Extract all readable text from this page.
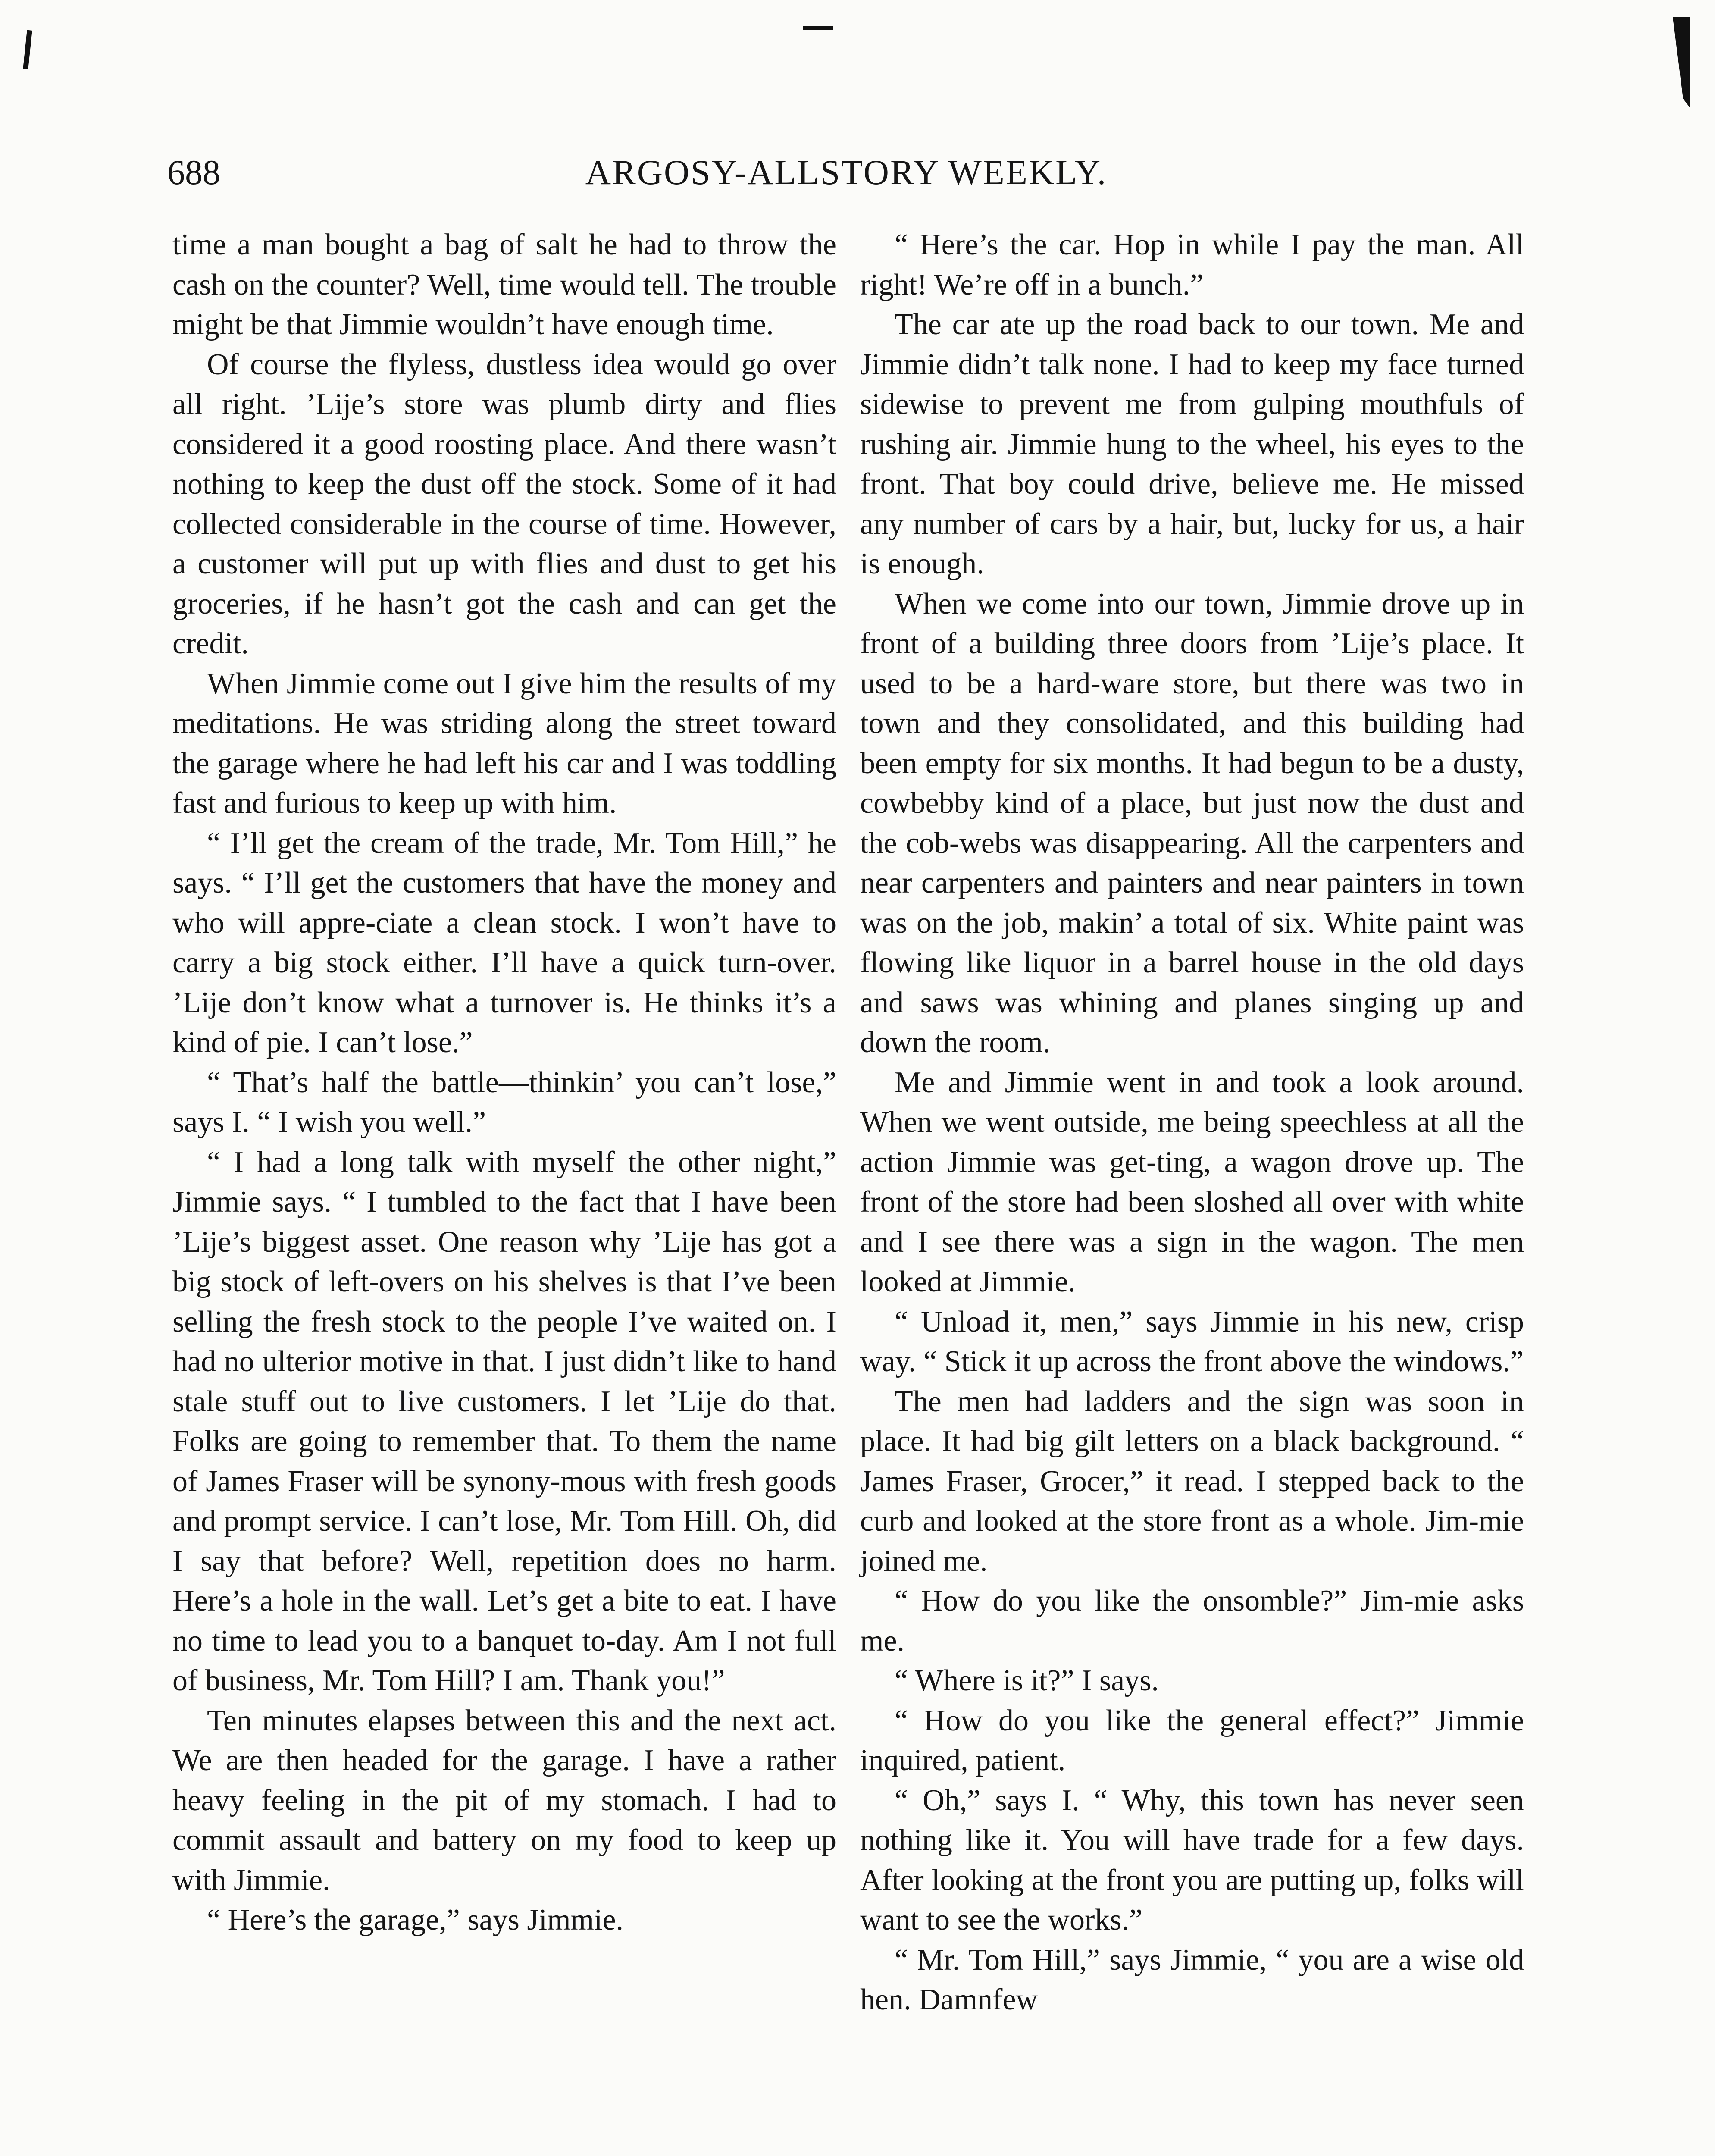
688	ARGOSY-ALLSTORY WEEKLY.

time a man bought a bag of salt he had to throw the cash on the counter? Well, time would tell. The trouble might be that Jimmie wouldn’t have enough time.

Of course the flyless, dustless idea would go over all right. ’Lije’s store was plumb dirty and flies considered it a good roosting place. And there wasn’t nothing to keep the dust off the stock. Some of it had collected considerable in the course of time. However, a customer will put up with flies and dust to get his groceries, if he hasn’t got the cash and can get the credit.

When Jimmie come out I give him the results of my meditations. He was striding along the street toward the garage where he had left his car and I was toddling fast and furious to keep up with him.

“ I’ll get the cream of the trade, Mr. Tom Hill,” he says. “ I’ll get the customers that have the money and who will appre-ciate a clean stock. I won’t have to carry a big stock either. I’ll have a quick turn-over. ’Lije don’t know what a turnover is. He thinks it’s a kind of pie. I can’t lose.”

“ That’s half the battle—thinkin’ you can’t lose,” says I. “ I wish you well.”

“ I had a long talk with myself the other night,” Jimmie says. “ I tumbled to the fact that I have been ’Lije’s biggest asset. One reason why ’Lije has got a big stock of left-overs on his shelves is that I’ve been selling the fresh stock to the people I’ve waited on. I had no ulterior motive in that. I just didn’t like to hand stale stuff out to live customers. I let ’Lije do that. Folks are going to remember that. To them the name of James Fraser will be synony-mous with fresh goods and prompt service. I can’t lose, Mr. Tom Hill. Oh, did I say that before? Well, repetition does no harm. Here’s a hole in the wall. Let’s get a bite to eat. I have no time to lead you to a banquet to-day. Am I not full of business, Mr. Tom Hill? I am. Thank you!”

Ten minutes elapses between this and the next act. We are then headed for the garage. I have a rather heavy feeling in the pit of my stomach. I had to commit assault and battery on my food to keep up with Jimmie.

“ Here’s the garage,” says Jimmie.

“ Here’s the car. Hop in while I pay the man. All right! We’re off in a bunch.”

The car ate up the road back to our town. Me and Jimmie didn’t talk none. I had to keep my face turned sidewise to prevent me from gulping mouthfuls of rushing air. Jimmie hung to the wheel, his eyes to the front. That boy could drive, believe me. He missed any number of cars by a hair, but, lucky for us, a hair is enough.

When we come into our town, Jimmie drove up in front of a building three doors from ’Lije’s place. It used to be a hard-ware store, but there was two in town and they consolidated, and this building had been empty for six months. It had begun to be a dusty, cowbebby kind of a place, but just now the dust and the cob-webs was disappearing. All the carpenters and near carpenters and painters and near painters in town was on the job, makin’ a total of six. White paint was flowing like liquor in a barrel house in the old days and saws was whining and planes singing up and down the room.

Me and Jimmie went in and took a look around. When we went outside, me being speechless at all the action Jimmie was get-ting, a wagon drove up. The front of the store had been sloshed all over with white and I see there was a sign in the wagon. The men looked at Jimmie.

“ Unload it, men,” says Jimmie in his new, crisp way. “ Stick it up across the front above the windows.”

The men had ladders and the sign was soon in place. It had big gilt letters on a black background. “ James Fraser, Grocer,” it read. I stepped back to the curb and looked at the store front as a whole. Jim-mie joined me.

“ How do you like the onsomble?” Jim-mie asks me.

“ Where is it?” I says.

“ How do you like the general effect?” Jimmie inquired, patient.

“ Oh,” says I. “ Why, this town has never seen nothing like it. You will have trade for a few days. After looking at the front you are putting up, folks will want to see the works.”

“ Mr. Tom Hill,” says Jimmie, “ you are a wise old hen. Damnfew
